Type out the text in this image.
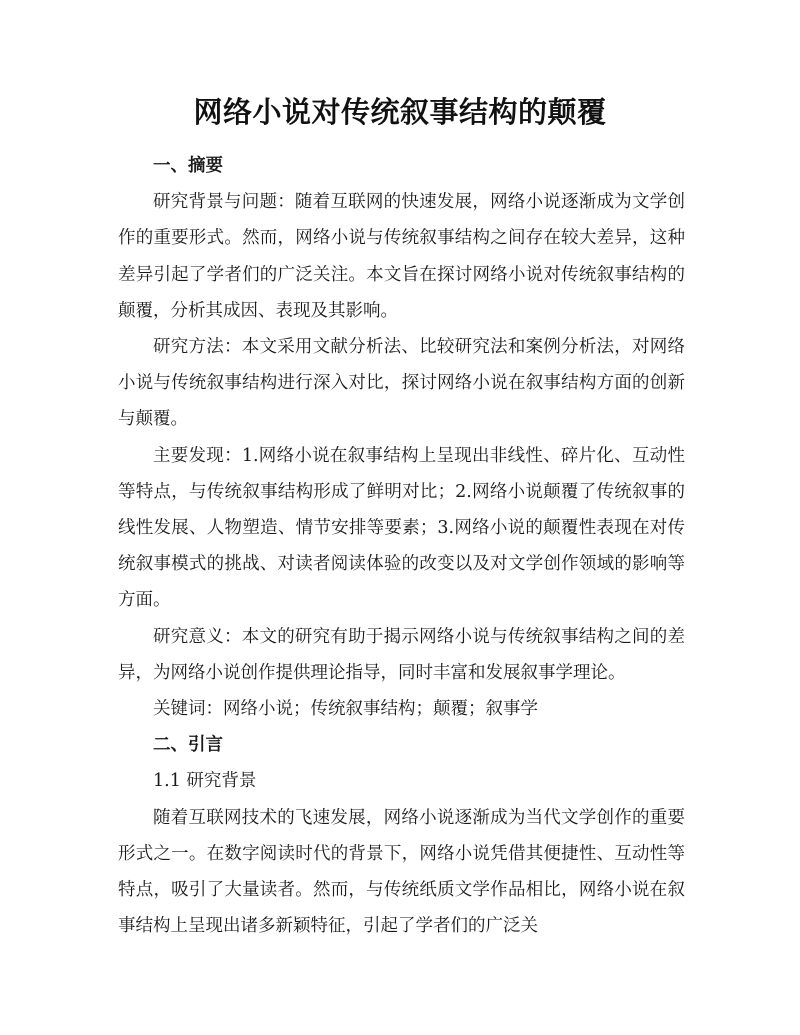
网络小说对传统叙事结构的颠覆

一、摘要

研究背景与问题：随着互联网的快速发展，网络小说逐渐成为文学创作的重要形式。然而，网络小说与传统叙事结构之间存在较大差异，这种差异引起了学者们的广泛关注。本文旨在探讨网络小说对传统叙事结构的颠覆，分析其成因、表现及其影响。

研究方法：本文采用文献分析法、比较研究法和案例分析法，对网络小说与传统叙事结构进行深入对比，探讨网络小说在叙事结构方面的创新与颠覆。

主要发现：1.网络小说在叙事结构上呈现出非线性、碎片化、互动性等特点，与传统叙事结构形成了鲜明对比；2.网络小说颠覆了传统叙事的线性发展、人物塑造、情节安排等要素；3.网络小说的颠覆性表现在对传统叙事模式的挑战、对读者阅读体验的改变以及对文学创作领域的影响等方面。

研究意义：本文的研究有助于揭示网络小说与传统叙事结构之间的差异，为网络小说创作提供理论指导，同时丰富和发展叙事学理论。

关键词：网络小说；传统叙事结构；颠覆；叙事学

二、引言

1.1 研究背景

随着互联网技术的飞速发展，网络小说逐渐成为当代文学创作的重要形式之一。在数字阅读时代的背景下，网络小说凭借其便捷性、互动性等特点，吸引了大量读者。然而，与传统纸质文学作品相比，网络小说在叙事结构上呈现出诸多新颖特征，引起了学者们的广泛关
